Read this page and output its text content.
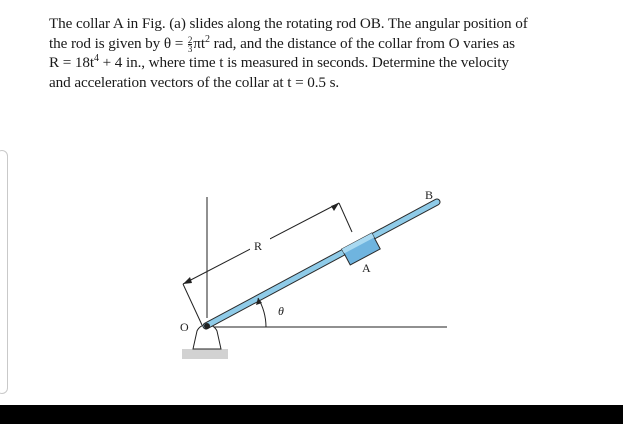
The collar A in Fig. (a) slides along the rotating rod OB. The angular position of
the rod is given by $\theta = \frac{2}{3} \pi t^2$ rad, and the distance of the collar from O varies as
$R = 18t^4 + 4$ in., where time t is measured in seconds. Determine the velocity
and acceleration vectors of the collar at t = 0.5 s.
O
R
A
B
θ
